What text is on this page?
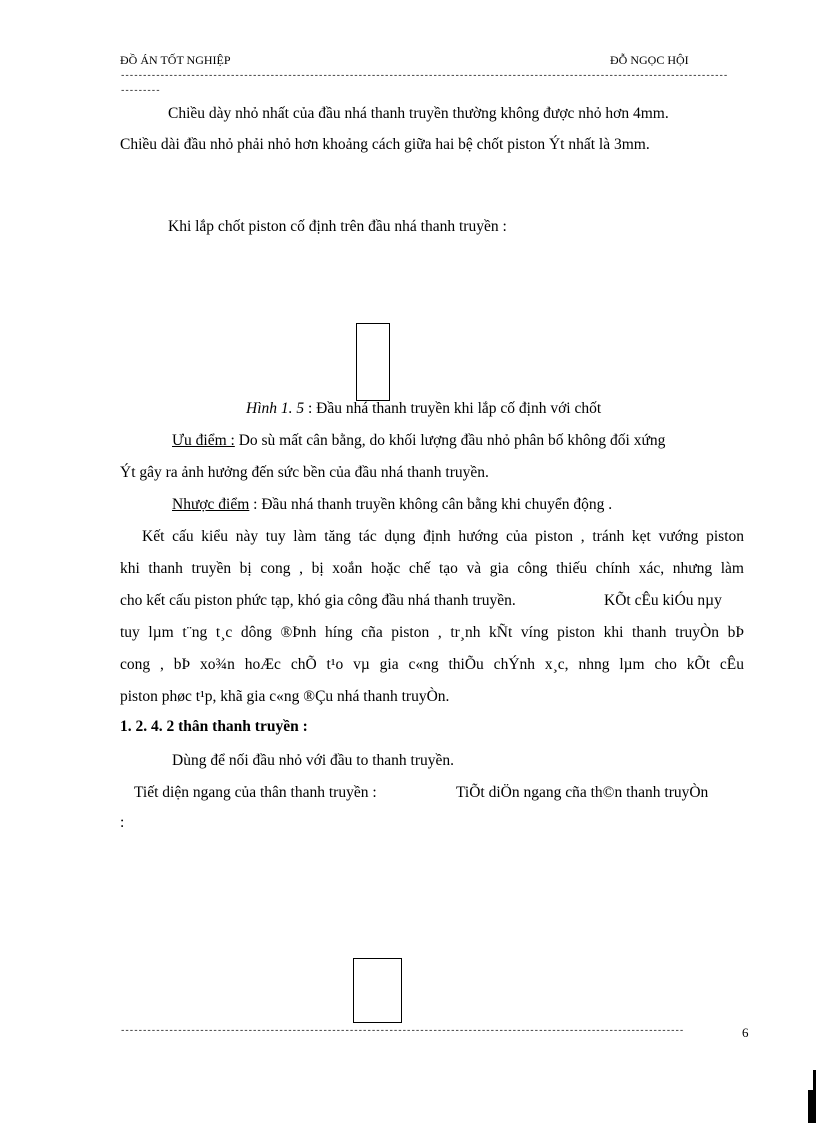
ĐỒ ÁN TỐT NGHIỆP	ĐỖ NGỌC HỘI
------------------------------------------------------------------------------------------------------------------------------------------
---------
Chiều dày nhỏ nhất của đầu nhá thanh truyền thường không được nhỏ hơn 4mm.
Chiều dài đầu nhỏ phải nhỏ hơn khoảng cách giữa hai bệ chốt piston Ýt nhất là 3mm.
Khi lắp chốt piston cố định trên đầu nhá thanh truyền :
Hình 1. 5 : Đầu nhá thanh truyền khi lắp cố định với chốt
Ưu điểm : Do sù mất cân bằng, do khối lượng đầu nhỏ phân bố không đối xứng
Ýt gây ra ảnh hưởng đến sức bền của đầu nhá thanh truyền.
Nhược điểm : Đầu nhá thanh truyền không cân bằng khi chuyển động .
Kết cấu kiểu này tuy làm tăng tác dụng định hướng của piston , tránh kẹt vướng piston
khi thanh truyền bị cong , bị xoắn hoặc chế tạo và gia công thiếu chính xác, nhưng làm
cho kết cấu piston phức tạp, khó gia công đầu nhá thanh truyền.	KÕt cÊu kiÓu nµy
tuy lµm t¨ng t¸c dông ®Þnh híng cña piston , tr¸nh kÑt víng piston khi thanh truyÒn bÞ
cong , bÞ xo¾n hoÆc chÕ t¹o vµ gia c«ng thiÕu chÝnh x¸c, nhng lµm cho kÕt cÊu
piston phøc t¹p, khã gia c«ng ®Çu nhá thanh truyÒn.
1. 2. 4. 2 thân thanh truyền :
Dùng để nối đầu nhỏ với đầu to thanh truyền.
Tiết diện ngang của thân thanh truyền :	TiÕt diÖn ngang cña th©n thanh truyÒn
:
--------------------------------------------------------------------------------------------------------------------------------	6
